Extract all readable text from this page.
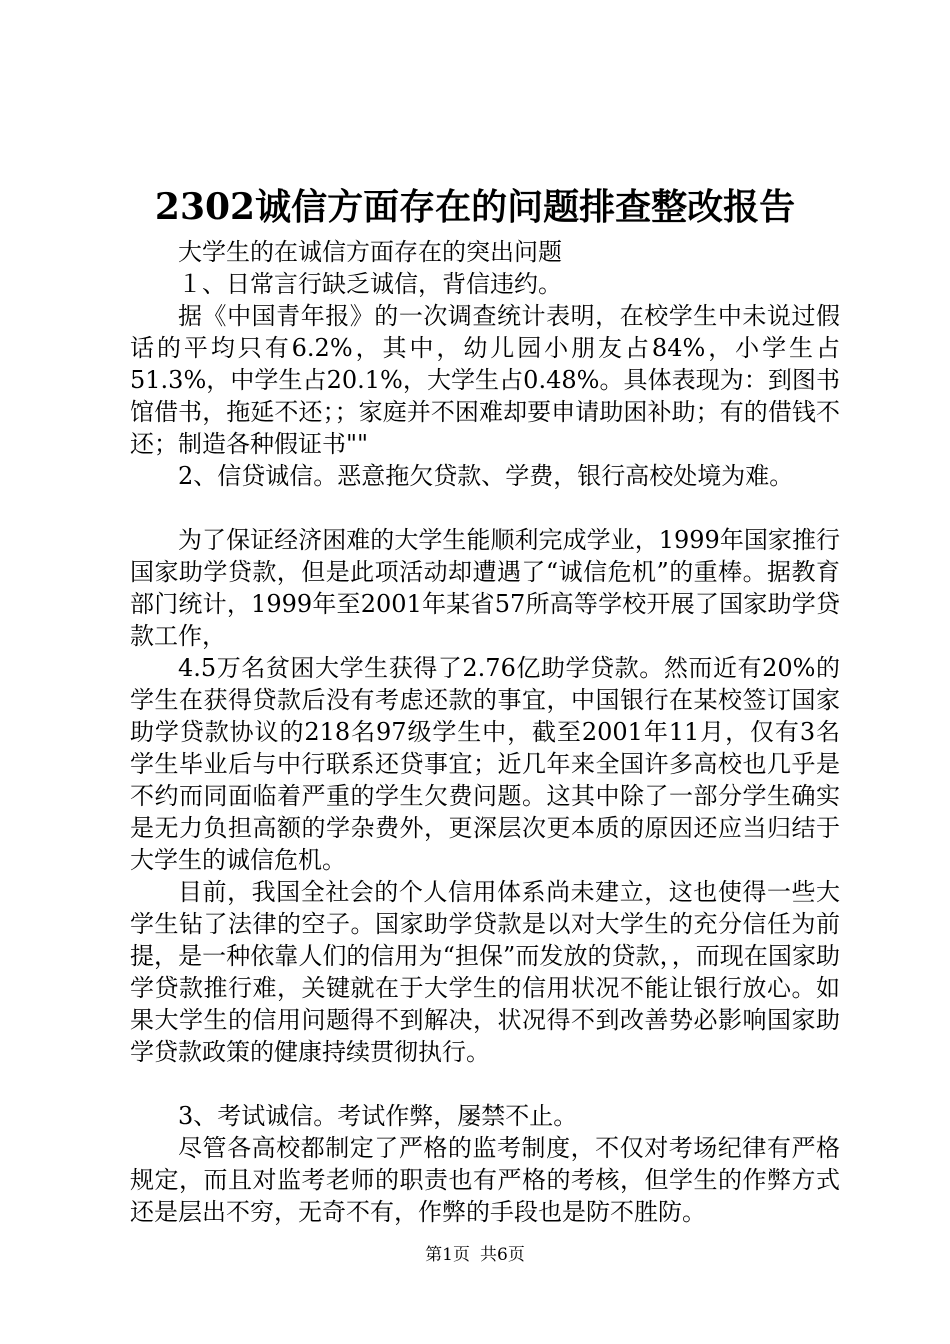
2302诚信方面存在的问题排查整改报告

大学生的在诚信方面存在的突出问题

１、日常言行缺乏诚信，背信违约。

据《中国青年报》的一次调查统计表明，在校学生中未说过假话的平均只有6.2%，其中，幼儿园小朋友占84%，小学生占51.3%，中学生占20.1%，大学生占0.48%。具体表现为：到图书馆借书，拖延不还；；家庭并不困难却要申请助困补助；有的借钱不还；制造各种假证书""

2、信贷诚信。恶意拖欠贷款、学费，银行高校处境为难。

为了保证经济困难的大学生能顺利完成学业，1999年国家推行国家助学贷款，但是此项活动却遭遇了“诚信危机”的重棒。据教育部门统计，1999年至2001年某省57所高等学校开展了国家助学贷款工作，

4.5万名贫困大学生获得了2.76亿助学贷款。然而近有20%的学生在获得贷款后没有考虑还款的事宜，中国银行在某校签订国家助学贷款协议的218名97级学生中，截至2001年11月，仅有3名学生毕业后与中行联系还贷事宜；近几年来全国许多高校也几乎是不约而同面临着严重的学生欠费问题。这其中除了一部分学生确实是无力负担高额的学杂费外，更深层次更本质的原因还应当归结于大学生的诚信危机。

目前，我国全社会的个人信用体系尚未建立，这也使得一些大学生钻了法律的空子。国家助学贷款是以对大学生的充分信任为前提，是一种依靠人们的信用为“担保”而发放的贷款，，而现在国家助学贷款推行难，关键就在于大学生的信用状况不能让银行放心。如果大学生的信用问题得不到解决，状况得不到改善势必影响国家助学贷款政策的健康持续贯彻执行。

3、考试诚信。考试作弊，屡禁不止。

尽管各高校都制定了严格的监考制度，不仅对考场纪律有严格规定，而且对监考老师的职责也有严格的考核，但学生的作弊方式还是层出不穷，无奇不有，作弊的手段也是防不胜防。

第1页 共6页
